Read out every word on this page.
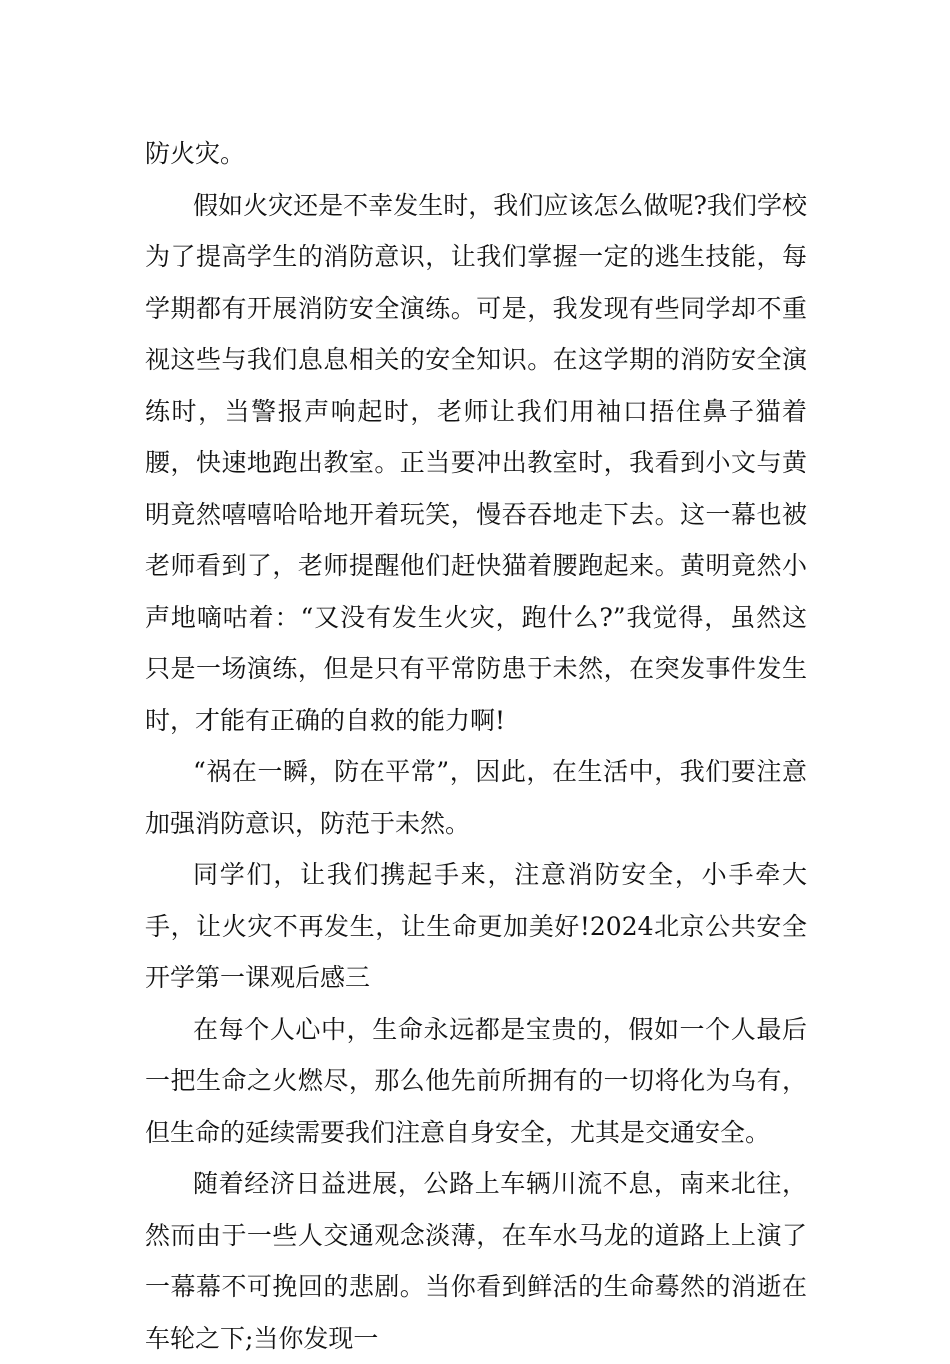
防火灾。

假如火灾还是不幸发生时，我们应该怎么做呢?我们学校为了提高学生的消防意识，让我们掌握一定的逃生技能，每学期都有开展消防安全演练。可是，我发现有些同学却不重视这些与我们息息相关的安全知识。在这学期的消防安全演练时，当警报声响起时，老师让我们用袖口捂住鼻子猫着腰，快速地跑出教室。正当要冲出教室时，我看到小文与黄明竟然嘻嘻哈哈地开着玩笑，慢吞吞地走下去。这一幕也被老师看到了，老师提醒他们赶快猫着腰跑起来。黄明竟然小声地嘀咕着：“又没有发生火灾，跑什么?”我觉得，虽然这只是一场演练，但是只有平常防患于未然，在突发事件发生时，才能有正确的自救的能力啊!

“祸在一瞬，防在平常”，因此，在生活中，我们要注意加强消防意识，防范于未然。

同学们，让我们携起手来，注意消防安全，小手牵大手，让火灾不再发生，让生命更加美好!2024北京公共安全开学第一课观后感三

在每个人心中，生命永远都是宝贵的，假如一个人最后一把生命之火燃尽，那么他先前所拥有的一切将化为乌有，但生命的延续需要我们注意自身安全，尤其是交通安全。

随着经济日益进展，公路上车辆川流不息，南来北往，然而由于一些人交通观念淡薄，在车水马龙的道路上上演了一幕幕不可挽回的悲剧。当你看到鲜活的生命蓦然的消逝在车轮之下;当你发现一
